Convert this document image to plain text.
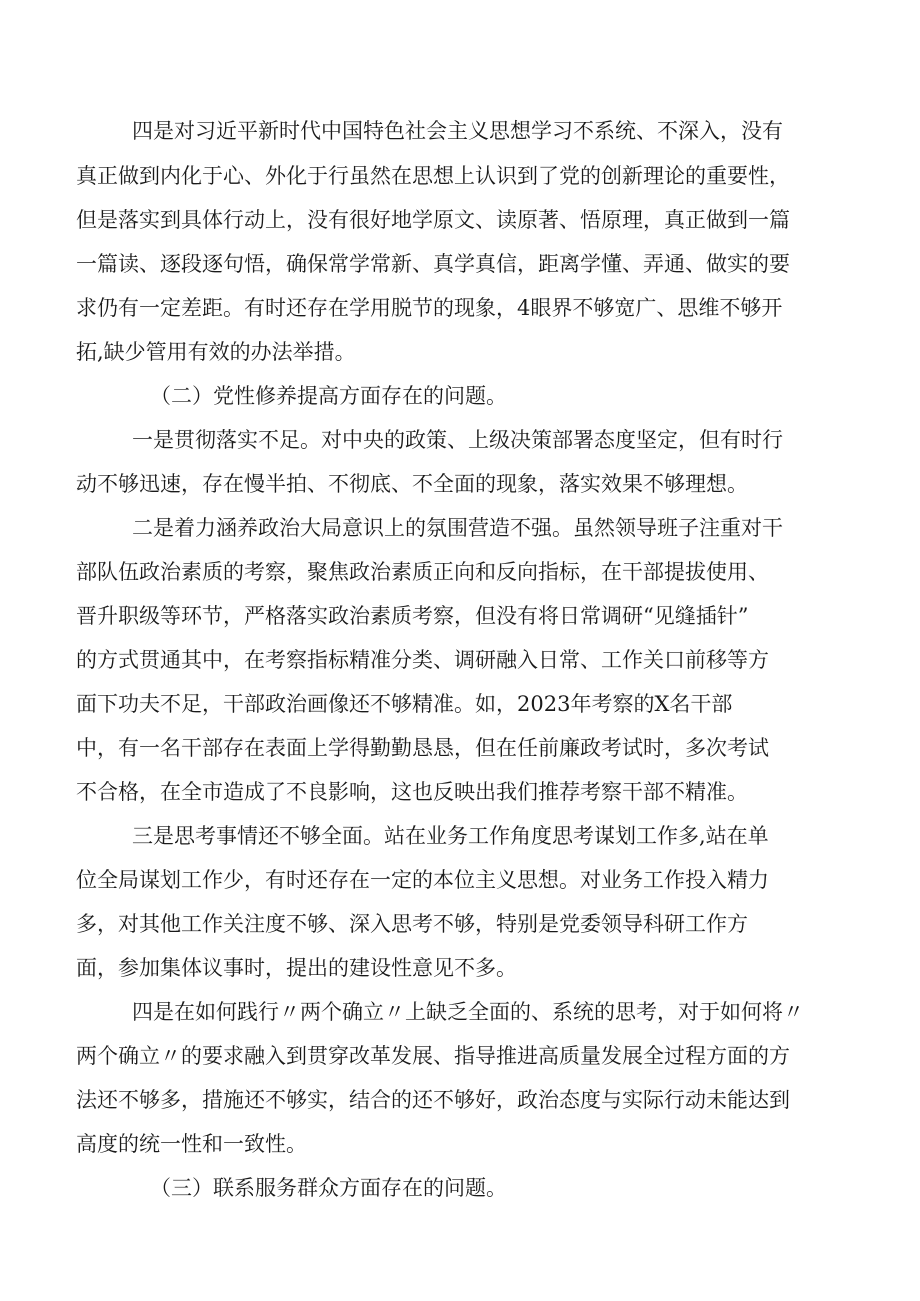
四是对习近平新时代中国特色社会主义思想学习不系统、不深入，没有
真正做到内化于心、外化于行虽然在思想上认识到了党的创新理论的重要性，
但是落实到具体行动上，没有很好地学原文、读原著、悟原理，真正做到一篇
一篇读、逐段逐句悟，确保常学常新、真学真信，距离学懂、弄通、做实的要
求仍有一定差距。有时还存在学用脱节的现象，4眼界不够宽广、思维不够开
拓,缺少管用有效的办法举措。
（二）党性修养提高方面存在的问题。
一是贯彻落实不足。对中央的政策、上级决策部署态度坚定，但有时行
动不够迅速，存在慢半拍、不彻底、不全面的现象，落实效果不够理想。
二是着力涵养政治大局意识上的氛围营造不强。虽然领导班子注重对干
部队伍政治素质的考察，聚焦政治素质正向和反向指标，在干部提拔使用、
晋升职级等环节，严格落实政治素质考察，但没有将日常调研“见缝插针”
的方式贯通其中，在考察指标精准分类、调研融入日常、工作关口前移等方
面下功夫不足，干部政治画像还不够精准。如，2023年考察的X名干部
中，有一名干部存在表面上学得勤勤恳恳，但在任前廉政考试时，多次考试
不合格，在全市造成了不良影响，这也反映出我们推荐考察干部不精准。
三是思考事情还不够全面。站在业务工作角度思考谋划工作多,站在单
位全局谋划工作少，有时还存在一定的本位主义思想。对业务工作投入精力
多，对其他工作关注度不够、深入思考不够，特别是党委领导科研工作方
面，参加集体议事时，提出的建设性意见不多。
四是在如何践行〃两个确立〃上缺乏全面的、系统的思考，对于如何将〃
两个确立〃的要求融入到贯穿改革发展、指导推进高质量发展全过程方面的方
法还不够多，措施还不够实，结合的还不够好，政治态度与实际行动未能达到
高度的统一性和一致性。
（三）联系服务群众方面存在的问题。
